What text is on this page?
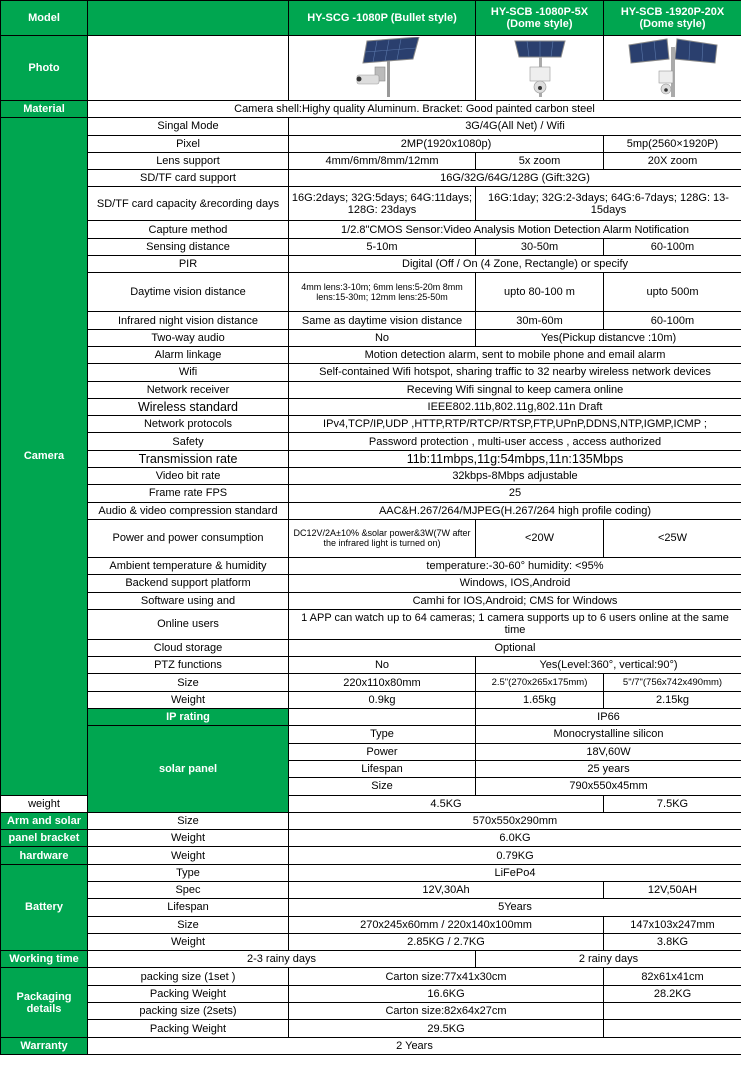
Model		HY-SCG -1080P (Bullet style)	HY-SCB -1080P-5X (Dome style)	HY-SCB -1920P-20X (Dome style)	
Photo		

Material	Camera shell:Highy quality Aluminum. Bracket: Good painted carbon steel				
Camera	Singal Mode	3G/4G(All Net) / Wifi			
	Pixel	2MP(1920x1080p)		5mp(2560×1920P)	
	Lens support	4mm/6mm/8mm/12mm	5x zoom	20X zoom	
	SD/TF card support	16G/32G/64G/128G (Gift:32G)			
	SD/TF card capacity &recording days	16G:2days; 32G:5days; 64G:11days; 128G: 23days	16G:1day; 32G:2-3days; 64G:6-7days; 128G: 13-15days		
	Capture method	1/2.8"CMOS Sensor:Video Analysis Motion Detection Alarm Notification			
	Sensing distance	5-10m	30-50m	60-100m	
	PIR	Digital (Off / On (4 Zone, Rectangle) or specify			
	Daytime vision distance	4mm lens:3-10m; 6mm lens:5-20m 8mm lens:15-30m; 12mm lens:25-50m	upto 80-100 m	upto 500m	
	Infrared night vision distance	Same as daytime vision distance	30m-60m	60-100m	
	Two-way audio	No	Yes(Pickup distancve :10m)		
	Alarm linkage	Motion detection alarm, sent to mobile phone and email alarm			
	Wifi	Self-contained Wifi hotspot, sharing traffic to 32 nearby wireless network devices			
	Network receiver	Receving Wifi singnal to keep camera online			
	Wireless standard	IEEE802.11b,802.11g,802.11n Draft			
	Network protocols	IPv4,TCP/IP,UDP ,HTTP,RTP/RTCP/RTSP,FTP,UPnP,DDNS,NTP,IGMP,ICMP ;			
	Safety	Password protection , multi-user access , access authorized			
	Transmission rate	11b:11mbps,11g:54mbps,11n:135Mbps			
	Video bit rate	32kbps-8Mbps adjustable			
	Frame rate FPS	25			
	Audio & video compression standard	AAC&H.267/264/MJPEG(H.267/264 high profile coding)			
	Power and power consumption	DC12V/2A±10% &solar power&3W(7W after the infrared light is turned on)	<20W	<25W	
	Ambient temperature & humidity	temperature:-30-60° humidity: <95%			
	Backend support platform	Windows, IOS,Android			
	Software using and	Camhi for IOS,Android; CMS for Windows			
	Online users	1 APP can watch up to 64 cameras; 1 camera supports up to 6 users online at the same time			
	Cloud storage	Optional			
	PTZ functions	No	Yes(Level:360°, vertical:90°)		
	Size	220x110x80mm	2.5"(270x265x175mm)	5"/7"(756x742x490mm)	
	Weight	0.9kg	1.65kg	2.15kg	
	IP rating		IP66		
	solar panel	Type	Monocrystalline silicon		
		Power	18V,60W	
		Lifespan	25 years		
		Size	790x550x45mm	
weight		4.5KG		7.5KG	
Arm and solar	Size	570x550x290mm			
panel bracket	Weight	6.0KG			
hardware	Weight	0.79KG			
Battery	Type	LiFePo4			
	Spec	12V,30Ah		12V,50AH	
	Lifespan	5Years			
	Size	270x245x60mm / 220x140x100mm		147x103x247mm	
	Weight	2.85KG / 2.7KG		3.8KG	
Working time	2-3 rainy days		2 rainy days		
Packaging
details	packing size (1set )	Carton size:77x41x30cm		82x61x41cm	
	Packing Weight	16.6KG		28.2KG	
	packing size (2sets)	Carton size:82x64x27cm			
	Packing Weight	29.5KG			
Warranty	2 Years				
